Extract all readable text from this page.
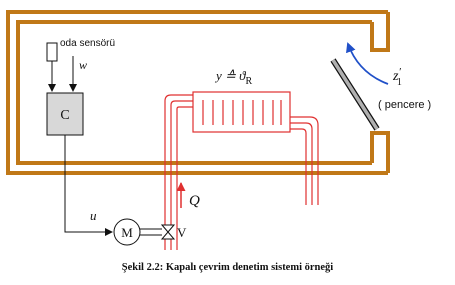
C
u
M	V
Q
oda sensörü
w
y ≙ $ϑ_R$	z′ 1
( pencere )
Şekil 2.2: Kapalı çevrim denetim sistemi örneği
